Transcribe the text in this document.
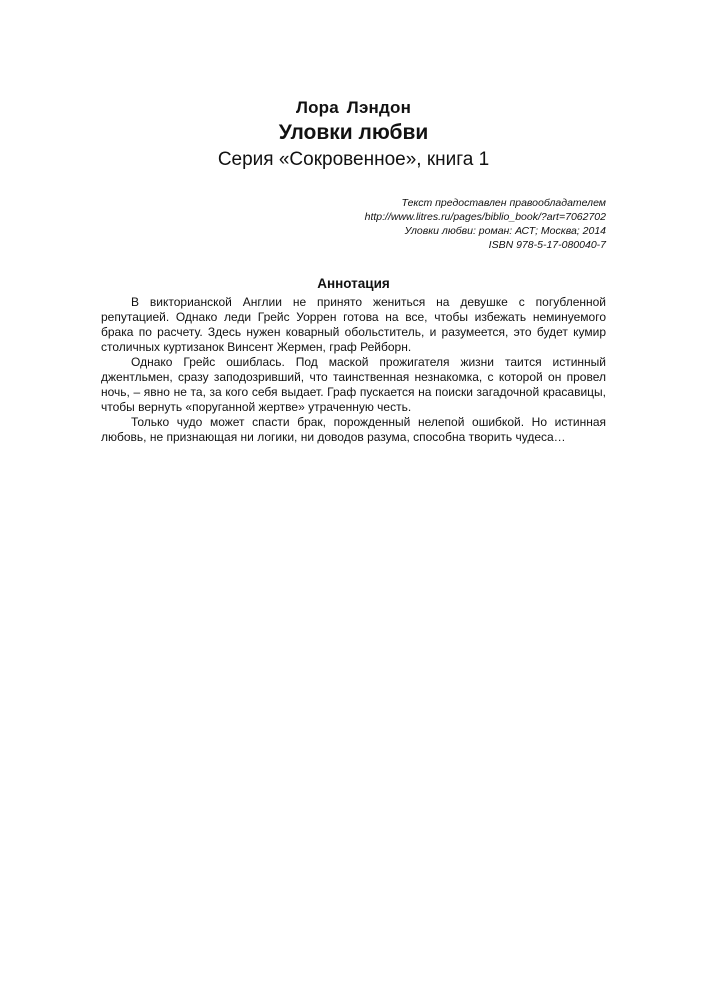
Лора Лэндон

Уловки любви

Серия «Сокровенное», книга 1

Текст предоставлен правообладателем
http://www.litres.ru/pages/biblio_book/?art=7062702
Уловки любви: роман: АСТ; Москва; 2014
ISBN 978-5-17-080040-7

Аннотация

В викторианской Англии не принято жениться на девушке с погубленной репутацией. Однако леди Грейс Уоррен готова на все, чтобы избежать неминуемого брака по расчету. Здесь нужен коварный обольститель, и разумеется, это будет кумир столичных куртизанок Винсент Жермен, граф Рейборн.

Однако Грейс ошиблась. Под маской прожигателя жизни таится истинный джентльмен, сразу заподозривший, что таинственная незнакомка, с которой он провел ночь, – явно не та, за кого себя выдает. Граф пускается на поиски загадочной красавицы, чтобы вернуть «поруганной жертве» утраченную честь.

Только чудо может спасти брак, порожденный нелепой ошибкой. Но истинная любовь, не признающая ни логики, ни доводов разума, способна творить чудеса…
